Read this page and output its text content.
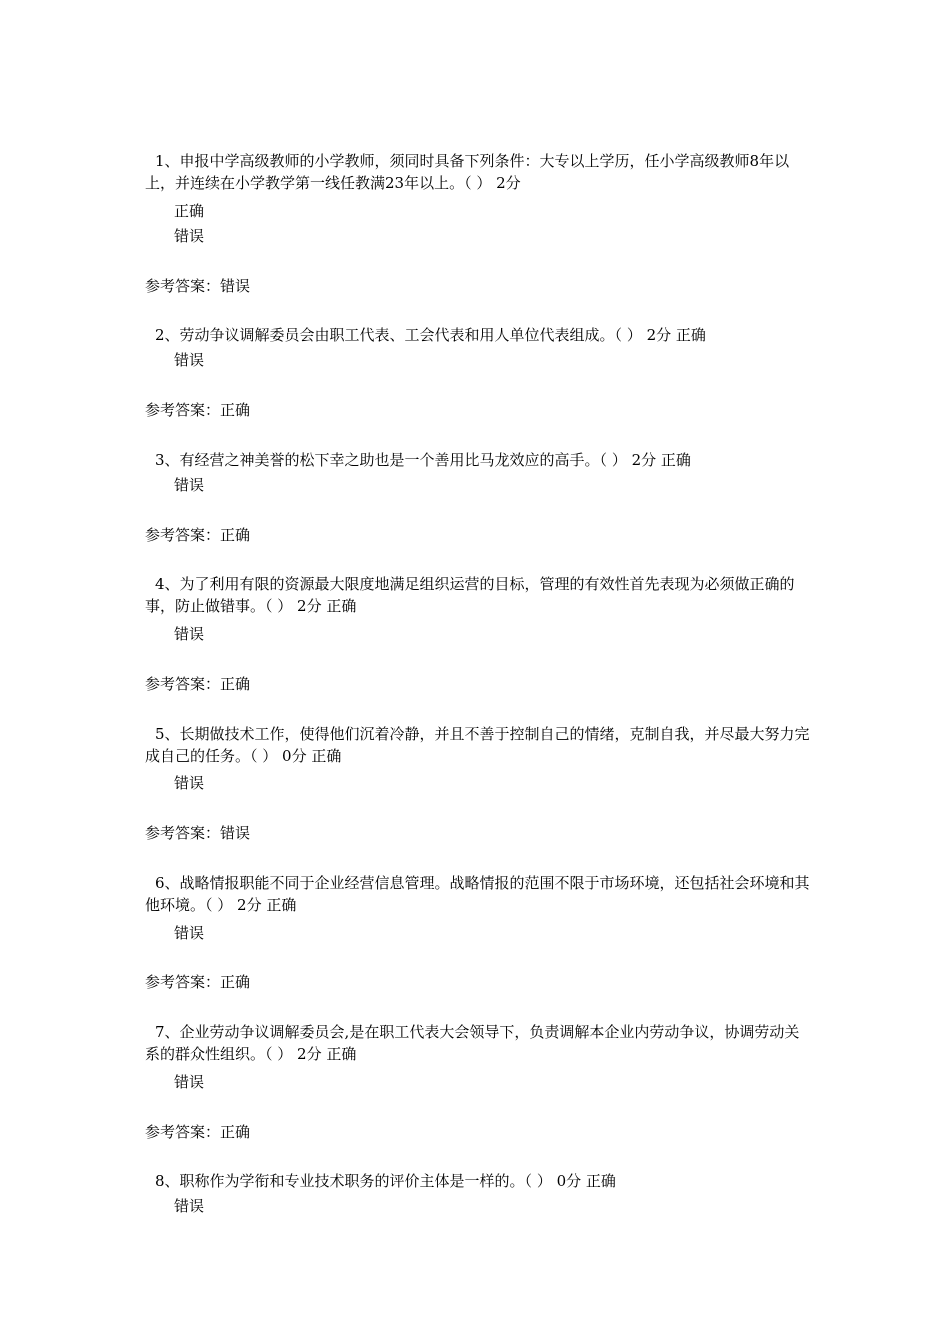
1、申报中学高级教师的小学教师，须同时具备下列条件：大专以上学历，任小学高级教师8年以上，并连续在小学教学第一线任教满23年以上。（ ） 2分
正确
错误
参考答案：错误
2、劳动争议调解委员会由职工代表、工会代表和用人单位代表组成。（ ） 2分 正确
错误
参考答案：正确
3、有经营之神美誉的松下幸之助也是一个善用比马龙效应的高手。（ ） 2分 正确
错误
参考答案：正确
4、为了利用有限的资源最大限度地满足组织运营的目标，管理的有效性首先表现为必须做正确的事，防止做错事。（ ） 2分 正确
错误
参考答案：正确
5、长期做技术工作，使得他们沉着冷静，并且不善于控制自己的情绪，克制自我，并尽最大努力完成自己的任务。（ ） 0分 正确
错误
参考答案：错误
6、战略情报职能不同于企业经营信息管理。战略情报的范围不限于市场环境，还包括社会环境和其他环境。（ ） 2分 正确
错误
参考答案：正确
7、企业劳动争议调解委员会,是在职工代表大会领导下，负责调解本企业内劳动争议，协调劳动关系的群众性组织。（ ） 2分 正确
错误
参考答案：正确
8、职称作为学衔和专业技术职务的评价主体是一样的。（ ） 0分 正确
错误
